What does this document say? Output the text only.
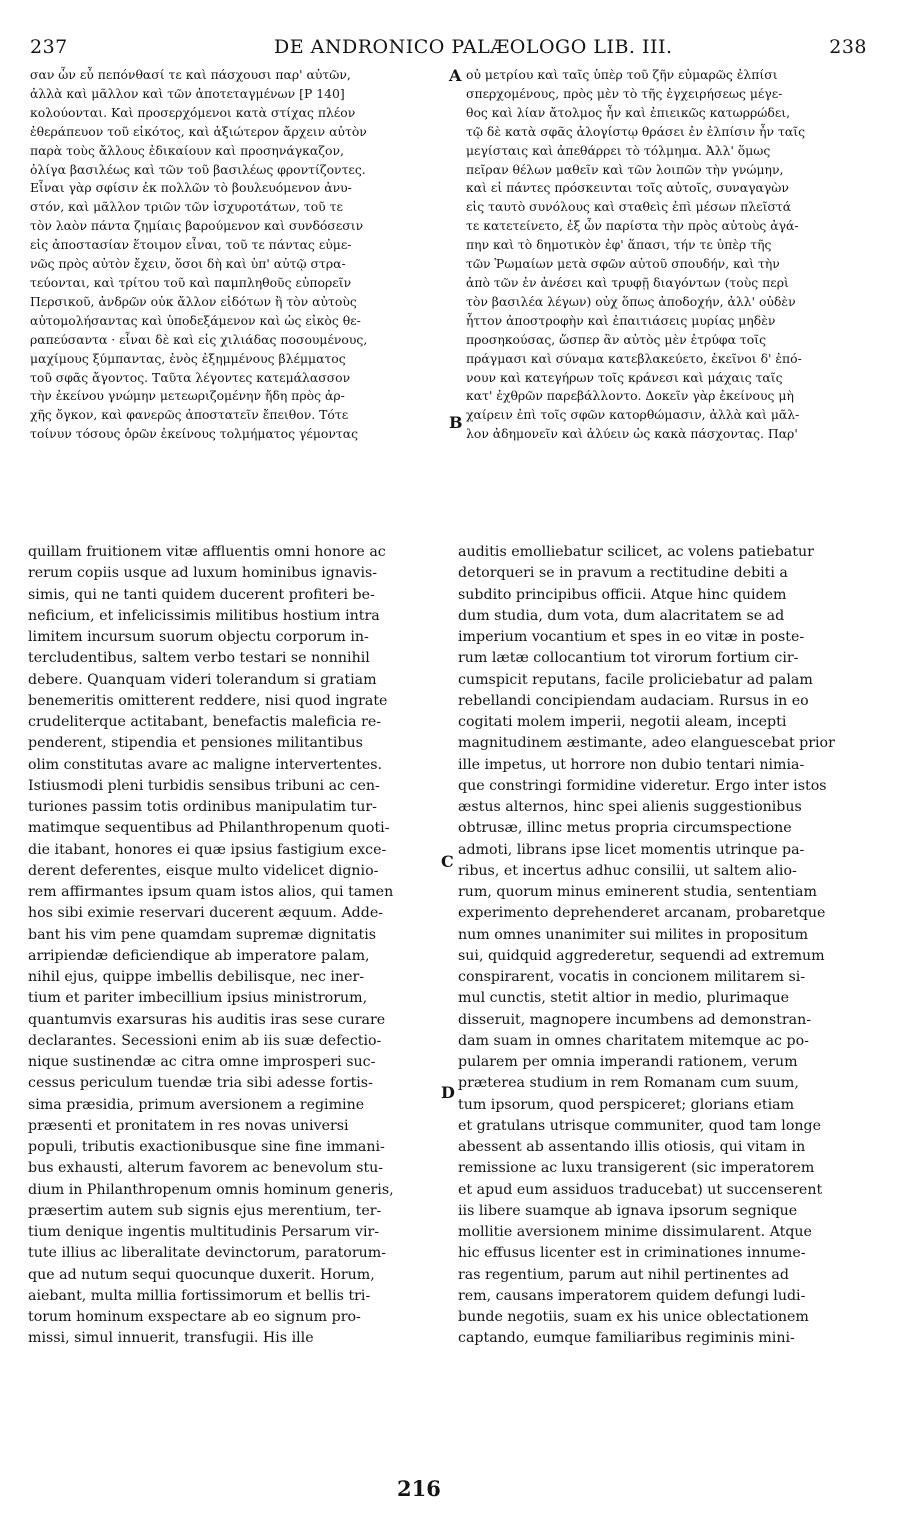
237	DE ANDRONICO PALÆOLOGO LIB. III.	238
σαν ὧν εὖ πεπόνθασί τε καὶ πάσχουσι παρ' αὐτῶν,
ἀλλὰ καὶ μᾶλλον καὶ τῶν ἀποτεταγμένων [P 140]
κολούονται. Καὶ προσερχόμενοι κατὰ στίχας πλέον
ἐθεράπευον τοῦ εἰκότος, καὶ ἀξιώτερον ἄρχειν αὐτὸν
παρὰ τοὺς ἄλλους ἐδικαίουν καὶ προσηνάγκαζον,
ὀλίγα βασιλέως καὶ τῶν τοῦ βασιλέως φροντίζοντες.
Εἶναι γὰρ σφίσιν ἐκ πολλῶν τὸ βουλευόμενον ἀνυ-
στόν, καὶ μᾶλλον τριῶν τῶν ἰσχυροτάτων, τοῦ τε
τὸν λαὸν πάντα ζημίαις βαρούμενον καὶ συνδόσεσιν
εἰς ἀποστασίαν ἕτοιμον εἶναι, τοῦ τε πάντας εὐμε-
νῶς πρὸς αὐτὸν ἔχειν, ὅσοι δὴ καὶ ὑπ' αὐτῷ στρα-
τεύονται, καὶ τρίτου τοῦ καὶ παμπληθοῦς εὐπορεῖν
Περσικοῦ, ἀνδρῶν οὐκ ἄλλον εἰδότων ἢ τὸν αὐτοὺς
αὐτομολήσαντας καὶ ὑποδεξάμενον καὶ ὡς εἰκὸς θε-
ραπεύσαντα · εἶναι δὲ καὶ εἰς χιλιάδας ποσουμένους,
μαχίμους ξύμπαντας, ἑνὸς ἐξημμένους βλέμματος
τοῦ σφᾶς ἄγοντος. Ταῦτα λέγοντες κατεμάλασσον
τὴν ἐκείνου γνώμην μετεωριζομένην ἤδη πρὸς ἀρ-
χῆς ὄγκον, καὶ φανερῶς ἀποστατεῖν ἔπειθον. Τότε
τοίνυν τόσους ὁρῶν ἐκείνους τολμήματος γέμοντας
οὐ μετρίου καὶ ταῖς ὑπὲρ τοῦ ζῆν εὐμαρῶς ἐλπίσι
σπερχομένους, πρὸς μὲν τὸ τῆς ἐγχειρήσεως μέγε-
θος καὶ λίαν ἄτολμος ἦν καὶ ἐπιεικῶς κατωρρώδει,
τῷ δὲ κατὰ σφᾶς ἀλογίστῳ θράσει ἐν ἐλπίσιν ἦν ταῖς
μεγίσταις καὶ ἀπεθάρρει τὸ τόλμημα. Ἀλλ' ὅμως
πεῖραν θέλων μαθεῖν καὶ τῶν λοιπῶν τὴν γνώμην,
καὶ εἰ πάντες πρόσκεινται τοῖς αὐτοῖς, συναγαγὼν
εἰς ταυτὸ συνόλους καὶ σταθεὶς ἐπὶ μέσων πλεῖστά
τε κατετείνετο, ἐξ ὧν παρίστα τὴν πρὸς αὐτοὺς ἀγά-
πην καὶ τὸ δημοτικὸν ἐφ' ἅπασι, τήν τε ὑπὲρ τῆς
τῶν Ῥωμαίων μετὰ σφῶν αὐτοῦ σπουδήν, καὶ τὴν
ἀπὸ τῶν ἐν ἀνέσει καὶ τρυφῇ διαγόντων (τοὺς περὶ
τὸν βασιλέα λέγων) οὐχ ὅπως ἀποδοχήν, ἀλλ' οὐδὲν
ἧττον ἀποστροφὴν καὶ ἐπαιτιάσεις μυρίας μηδὲν
προσηκούσας, ὥσπερ ἂν αὐτὸς μὲν ἐτρύφα τοῖς
πράγμασι καὶ σύναμα κατεβλακεύετο, ἐκεῖνοι δ' ἐπό-
νουν καὶ κατεγήρων τοῖς κράνεσι καὶ μάχαις ταῖς
κατ' ἐχθρῶν παρεβάλλοντο. Δοκεῖν γὰρ ἐκείνους μὴ
χαίρειν ἐπὶ τοῖς σφῶν κατορθώμασιν, ἀλλὰ καὶ μᾶλ-
λον ἀδημονεῖν καὶ ἀλύειν ὡς κακὰ πάσχοντας. Παρ'
A
B
quillam fruitionem vitæ affluentis omni honore ac
rerum copiis usque ad luxum hominibus ignavis-
simis, qui ne tanti quidem ducerent profiteri be-
neficium, et infelicissimis militibus hostium intra
limitem incursum suorum objectu corporum in-
tercludentibus, saltem verbo testari se nonnihil
debere. Quanquam videri tolerandum si gratiam
benemeritis omitterent reddere, nisi quod ingrate
crudeliterque actitabant, benefactis maleficia re-
penderent, stipendia et pensiones militantibus
olim constitutas avare ac maligne intervertentes.
Istiusmodi pleni turbidis sensibus tribuni ac cen-
turiones passim totis ordinibus manipulatim tur-
matimque sequentibus ad Philanthropenum quoti-
die itabant, honores ei quæ ipsius fastigium exce-
derent deferentes, eisque multo videlicet dignio-
rem affirmantes ipsum quam istos alios, qui tamen
hos sibi eximie reservari ducerent æquum. Adde-
bant his vim pene quamdam supremæ dignitatis
arripiendæ deficiendique ab imperatore palam,
nihil ejus, quippe imbellis debilisque, nec iner-
tium et pariter imbecillium ipsius ministrorum,
quantumvis exarsuras his auditis iras sese curare
declarantes. Secessioni enim ab iis suæ defectio-
nique sustinendæ ac citra omne improsperi suc-
cessus periculum tuendæ tria sibi adesse fortis-
sima præsidia, primum aversionem a regimine
præsenti et pronitatem in res novas universi
populi, tributis exactionibusque sine fine immani-
bus exhausti, alterum favorem ac benevolum stu-
dium in Philanthropenum omnis hominum generis,
præsertim autem sub signis ejus merentium, ter-
tium denique ingentis multitudinis Persarum vir-
tute illius ac liberalitate devinctorum, paratorum-
que ad nutum sequi quocunque duxerit. Horum,
aiebant, multa millia fortissimorum et bellis tri-
torum hominum exspectare ab eo signum pro-
missi, simul innuerit, transfugii. His ille
auditis emolliebatur scilicet, ac volens patiebatur
detorqueri se in pravum a rectitudine debiti a
subdito principibus officii. Atque hinc quidem
dum studia, dum vota, dum alacritatem se ad
imperium vocantium et spes in eo vitæ in poste-
rum lætæ collocantium tot virorum fortium cir-
cumspicit reputans, facile proliciebatur ad palam
rebellandi concipiendam audaciam. Rursus in eo
cogitati molem imperii, negotii aleam, incepti
magnitudinem æstimante, adeo elanguescebat prior
ille impetus, ut horrore non dubio tentari nimia-
que constringi formidine videretur. Ergo inter istos
æstus alternos, hinc spei alienis suggestionibus
obtrusæ, illinc metus propria circumspectione
admoti, librans ipse licet momentis utrinque pa-
ribus, et incertus adhuc consilii, ut saltem alio-
rum, quorum minus eminerent studia, sententiam
experimento deprehenderet arcanam, probaretque
num omnes unanimiter sui milites in propositum
sui, quidquid aggrederetur, sequendi ad extremum
conspirarent, vocatis in concionem militarem si-
mul cunctis, stetit altior in medio, plurimaque
disseruit, magnopere incumbens ad demonstran-
dam suam in omnes charitatem mitemque ac po-
pularem per omnia imperandi rationem, verum
præterea studium in rem Romanam cum suum,
tum ipsorum, quod perspiceret; glorians etiam
et gratulans utrisque communiter, quod tam longe
abessent ab assentando illis otiosis, qui vitam in
remissione ac luxu transigerent (sic imperatorem
et apud eum assiduos traducebat) ut succenserent
iis libere suamque ab ignava ipsorum segnique
mollitie aversionem minime dissimularent. Atque
hic effusus licenter est in criminationes innume-
ras regentium, parum aut nihil pertinentes ad
rem, causans imperatorem quidem defungi ludi-
bunde negotiis, suam ex his unice oblectationem
captando, eumque familiaribus regiminis mini-
C
D
216
